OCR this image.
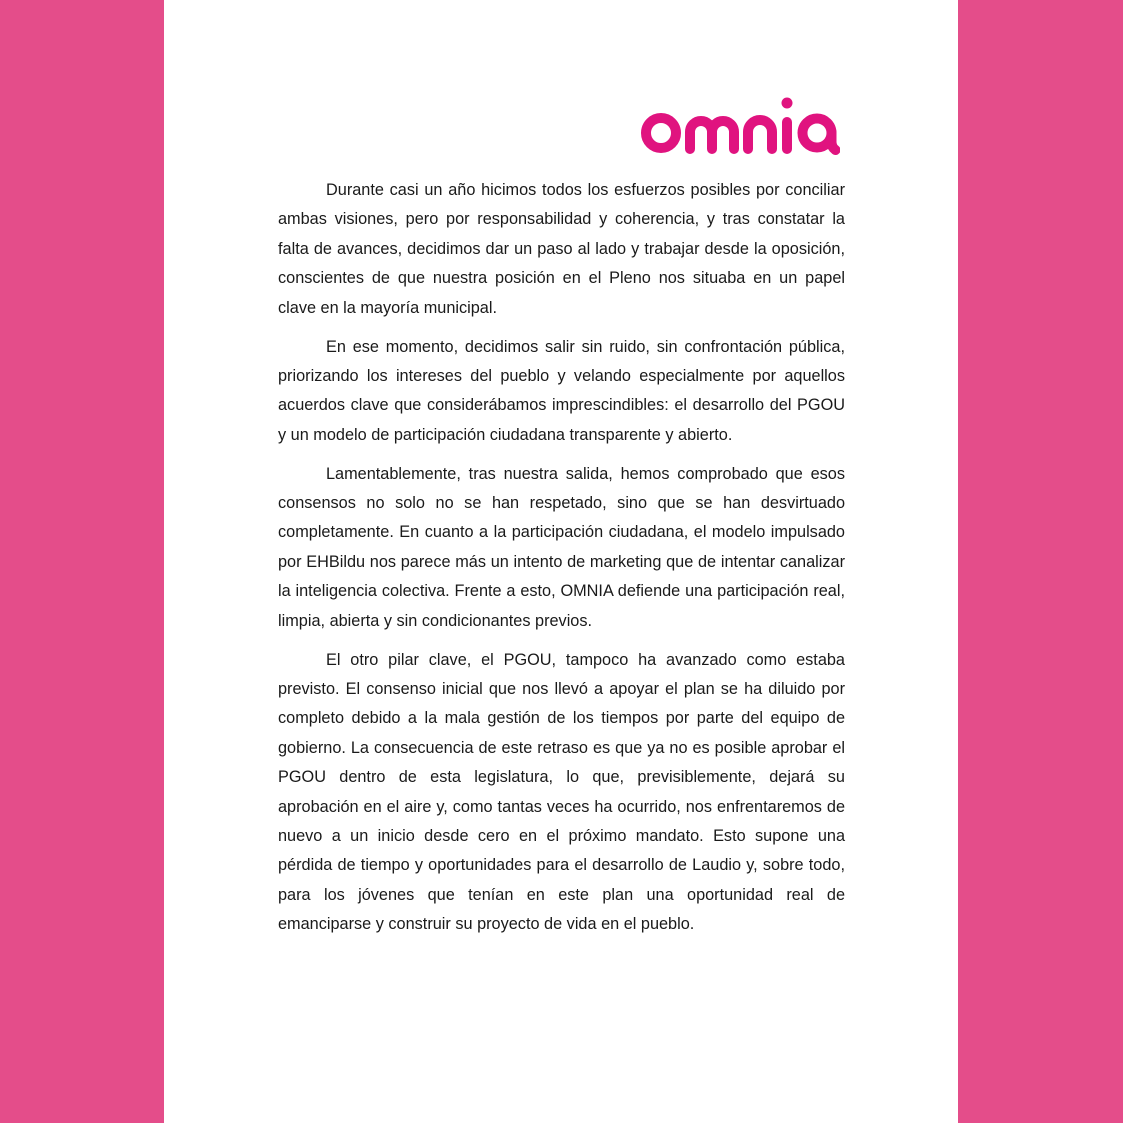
Durante casi un año hicimos todos los esfuerzos posibles por conciliar ambas visiones, pero por responsabilidad y coherencia, y tras constatar la falta de avances, decidimos dar un paso al lado y trabajar desde la oposición, conscientes de que nuestra posición en el Pleno nos situaba en un papel clave en la mayoría municipal.

En ese momento, decidimos salir sin ruido, sin confrontación pública, priorizando los intereses del pueblo y velando especialmente por aquellos acuerdos clave que considerábamos imprescindibles: el desarrollo del PGOU y un modelo de participación ciudadana transparente y abierto.

Lamentablemente, tras nuestra salida, hemos comprobado que esos consensos no solo no se han respetado, sino que se han desvirtuado completamente. En cuanto a la participación ciudadana, el modelo impulsado por EHBildu nos parece más un intento de marketing que de intentar canalizar la inteligencia colectiva. Frente a esto, OMNIA defiende una participación real, limpia, abierta y sin condicionantes previos.

El otro pilar clave, el PGOU, tampoco ha avanzado como estaba previsto. El consenso inicial que nos llevó a apoyar el plan se ha diluido por completo debido a la mala gestión de los tiempos por parte del equipo de gobierno. La consecuencia de este retraso es que ya no es posible aprobar el PGOU dentro de esta legislatura, lo que, previsiblemente, dejará su aprobación en el aire y, como tantas veces ha ocurrido, nos enfrentaremos de nuevo a un inicio desde cero en el próximo mandato. Esto supone una pérdida de tiempo y oportunidades para el desarrollo de Laudio y, sobre todo, para los jóvenes que tenían en este plan una oportunidad real de emanciparse y construir su proyecto de vida en el pueblo.
